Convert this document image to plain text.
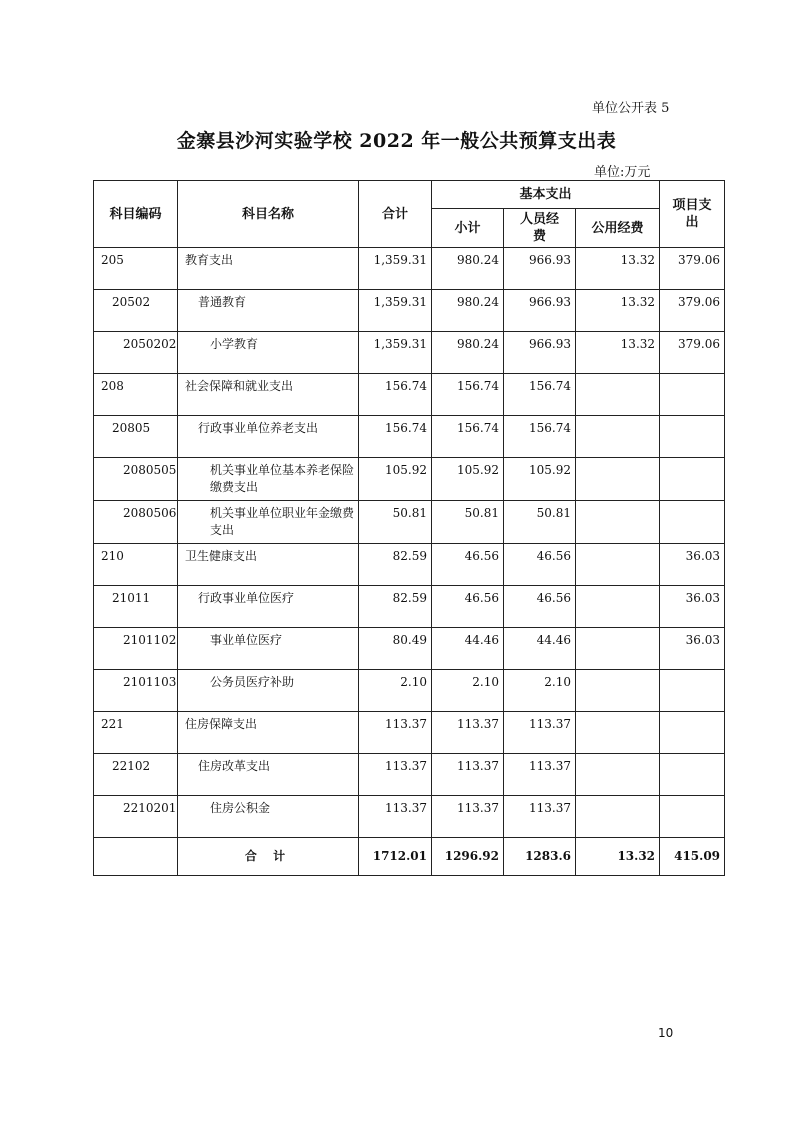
单位公开表 5
金寨县沙河实验学校 2022 年一般公共预算支出表
单位:万元
科目编码	科目名称	合计	基本支出			项目支出
			小计	人员经费	公用经费	
205	教育支出	1,359.31	980.24	966.93	13.32	379.06
20502	普通教育	1,359.31	980.24	966.93	13.32	379.06
2050202	小学教育	1,359.31	980.24	966.93	13.32	379.06
208	社会保障和就业支出	156.74	156.74	156.74		
20805	行政事业单位养老支出	156.74	156.74	156.74		
2080505	机关事业单位基本养老保险缴费支出	105.92	105.92	105.92		
2080506	机关事业单位职业年金缴费支出	50.81	50.81	50.81		
210	卫生健康支出	82.59	46.56	46.56		36.03
21011	行政事业单位医疗	82.59	46.56	46.56		36.03
2101102	事业单位医疗	80.49	44.46	44.46		36.03
2101103	公务员医疗补助	2.10	2.10	2.10		
221	住房保障支出	113.37	113.37	113.37		
22102	住房改革支出	113.37	113.37	113.37		
2210201	住房公积金	113.37	113.37	113.37		
	合 计	1712.01	1296.92	1283.6	13.32	415.09
10
